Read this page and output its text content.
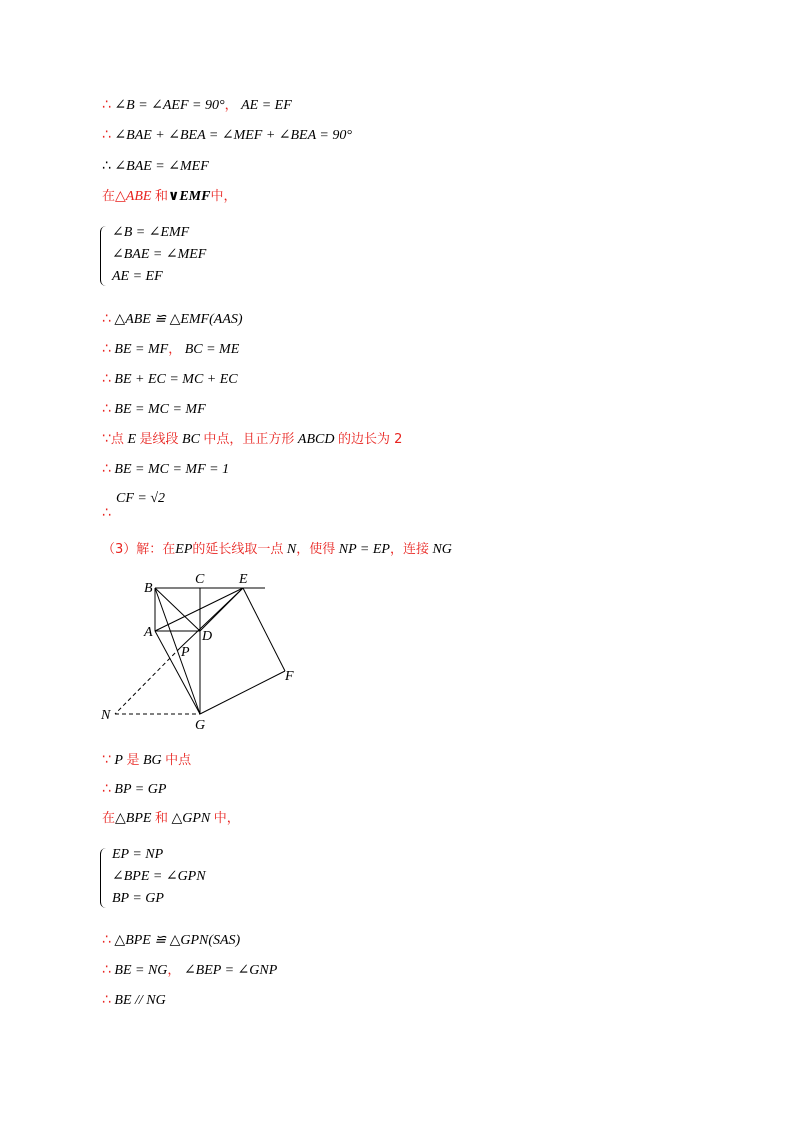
∴ ∠B = ∠AEF = 90°， AE = EF
∴ ∠BAE + ∠BEA = ∠MEF + ∠BEA = 90°
∴ ∠BAE = ∠MEF
在△ABE 和∨EMF中，
∠B = ∠EMF
∠BAE = ∠MEF
AE = EF
∴ △ABE ≌ △EMF(AAS)
∴ BE = MF， BC = ME
∴ BE + EC = MC + EC
∴ BE = MC = MF
∵点 E 是线段 BC 中点，且正方形 ABCD 的边长为 2
∴ BE = MC = MF = 1
CF = √2
∴
（3）解：在EP的延长线取一点 N，使得 NP = EP，连接 NG
B
C E
A	D
P
F
N
G
∵ P 是 BG 中点
∴ BP = GP
在△BPE 和 △GPN 中，
EP = NP
∠BPE = ∠GPN
BP = GP
∴ △BPE ≌ △GPN(SAS)
∴ BE = NG， ∠BEP = ∠GNP
∴ BE // NG
